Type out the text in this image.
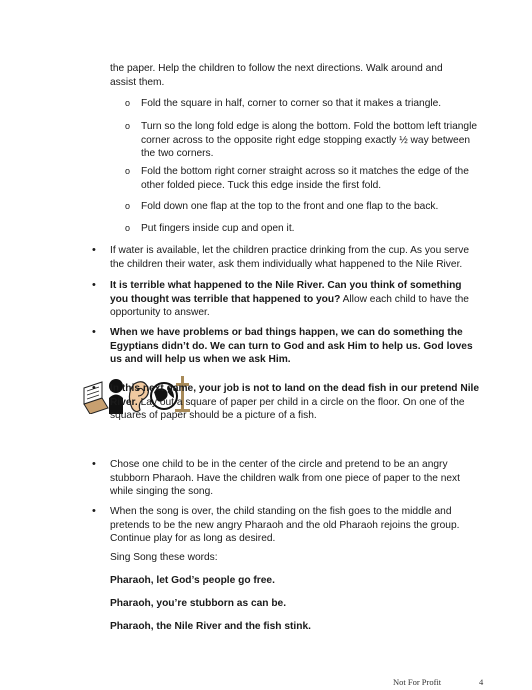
the paper. Help the children to follow the next directions. Walk around and assist them.
o Fold the square in half, corner to corner so that it makes a triangle.
o Turn so the long fold edge is along the bottom. Fold the bottom left triangle corner across to the opposite right edge stopping exactly ½ way between the two corners.
o Fold the bottom right corner straight across so it matches the edge of the other folded piece. Tuck this edge inside the first fold.
o Fold down one flap at the top to the front and one flap to the back.
o Put fingers inside cup and open it.
• If water is available, let the children practice drinking from the cup. As you serve the children their water, ask them individually what happened to the Nile River.
• It is terrible what happened to the Nile River. Can you think of something you thought was terrible that happened to you? Allow each child to have the opportunity to answer.
• When we have problems or bad things happen, we can do something the Egyptians didn’t do. We can turn to God and ask Him to help us. God loves us and will help us when we ask Him.
• In this next game, your job is not to land on the dead fish in our pretend Nile River. Lay out a square of paper per child in a circle on the floor. On one of the squares of paper should be a picture of a fish.
• Chose one child to be in the center of the circle and pretend to be an angry stubborn Pharaoh. Have the children walk from one piece of paper to the next while singing the song.
• When the song is over, the child standing on the fish goes to the middle and pretends to be the new angry Pharaoh and the old Pharaoh rejoins the group. Continue play for as long as desired.
Sing Song these words:
Pharaoh, let God’s people go free.
Pharaoh, you’re stubborn as can be.
Pharaoh, the Nile River and the fish stink.
Not For Profit	4
